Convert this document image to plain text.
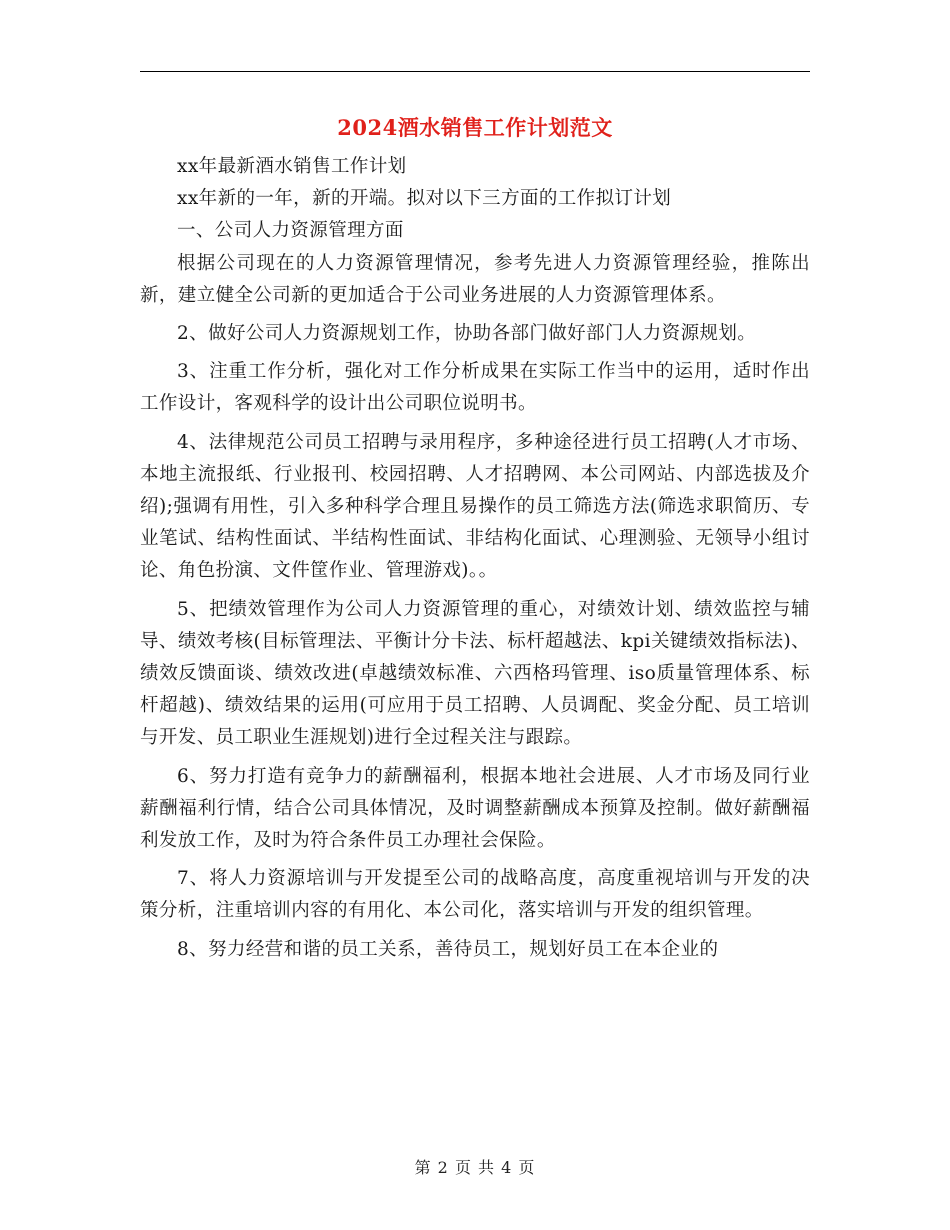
2024酒水销售工作计划范文

xx年最新酒水销售工作计划

xx年新的一年，新的开端。拟对以下三方面的工作拟订计划

一、公司人力资源管理方面

根据公司现在的人力资源管理情况，参考先进人力资源管理经验，推陈出新，建立健全公司新的更加适合于公司业务进展的人力资源管理体系。

2、做好公司人力资源规划工作，协助各部门做好部门人力资源规划。

3、注重工作分析，强化对工作分析成果在实际工作当中的运用，适时作出工作设计，客观科学的设计出公司职位说明书。

4、法律规范公司员工招聘与录用程序，多种途径进行员工招聘(人才市场、本地主流报纸、行业报刊、校园招聘、人才招聘网、本公司网站、内部选拔及介绍);强调有用性，引入多种科学合理且易操作的员工筛选方法(筛选求职简历、专业笔试、结构性面试、半结构性面试、非结构化面试、心理测验、无领导小组讨论、角色扮演、文件筐作业、管理游戏)。。

5、把绩效管理作为公司人力资源管理的重心，对绩效计划、绩效监控与辅导、绩效考核(目标管理法、平衡计分卡法、标杆超越法、kpi关键绩效指标法)、绩效反馈面谈、绩效改进(卓越绩效标准、六西格玛管理、iso质量管理体系、标杆超越)、绩效结果的运用(可应用于员工招聘、人员调配、奖金分配、员工培训与开发、员工职业生涯规划)进行全过程关注与跟踪。

6、努力打造有竞争力的薪酬福利，根据本地社会进展、人才市场及同行业薪酬福利行情，结合公司具体情况，及时调整薪酬成本预算及控制。做好薪酬福利发放工作，及时为符合条件员工办理社会保险。

7、将人力资源培训与开发提至公司的战略高度，高度重视培训与开发的决策分析，注重培训内容的有用化、本公司化，落实培训与开发的组织管理。

8、努力经营和谐的员工关系，善待员工，规划好员工在本企业的

第 2 页 共 4 页
